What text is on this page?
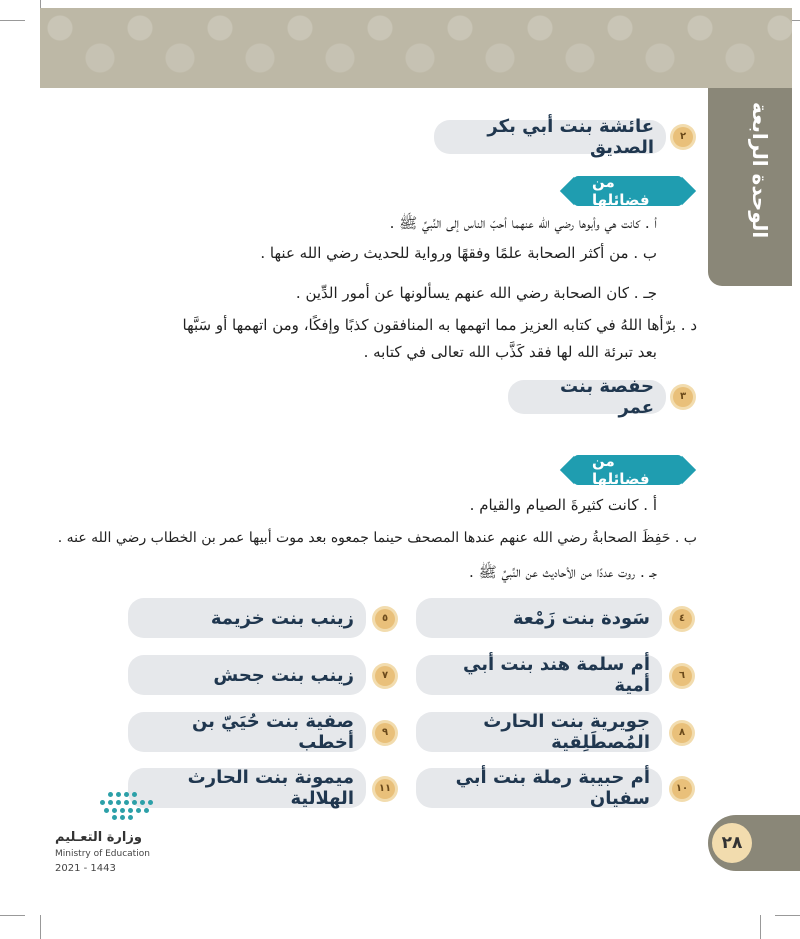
الوحدة الرابعة
٢
عائشة بنت أبي بكر الصديق
من فضائلها
أ . كانت هي وأبوها رضي الله عنهما أحبّ الناس إلى النَّبيِّ ﷺ .
ب . من أكثر الصحابة علمًا وفقهًا ورواية للحديث رضي الله عنها .
جـ . كان الصحابة رضي الله عنهم يسألونها عن أمور الدِّين .
د . برّأها اللهُ في كتابه العزيز مما اتهمها به المنافقون كذبًا وإفكًا، ومن اتهمها أو سَبَّها
بعد تبرئة الله لها فقد كَذَّب الله تعالى في كتابه .
٣
حفصة بنت عمر
من فضائلها
أ . كانت كثيرةَ الصيام والقيام .
ب . حَفِظَ الصحابةُ رضي الله عنهم عندها المصحف حينما جمعوه بعد موت أبيها عمر بن الخطاب رضي الله عنه .
جـ . روت عددًا من الأحاديث عن النَّبيِّ ﷺ .
٤
سَودة بنت زَمْعة
٥
زينب بنت خزيمة
٦
أم سلمة هند بنت أبي أمية
٧
زينب بنت جحش
٨
جويرية بنت الحارث المُصطَلِقية
٩
صفية بنت حُيَيّ بن أخطب
١٠
أم حبيبة رملة بنت أبي سفيان
١١
ميمونة بنت الحارث الهلالية
وزارة التعـليم
Ministry of Education
2021 - 1443
٢٨
